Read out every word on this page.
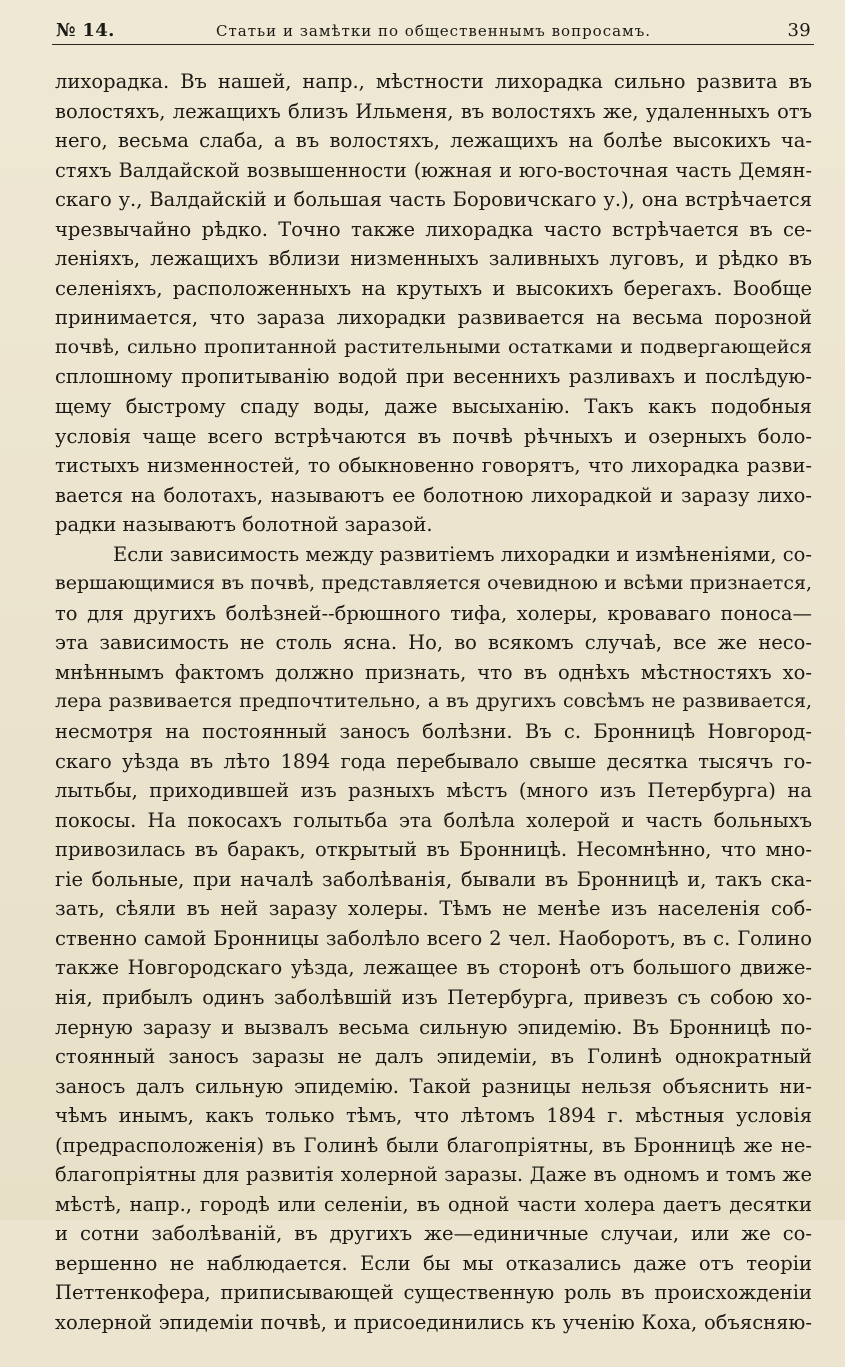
№ 14.	Статьи и замѣтки по общественнымъ вопросамъ.	39
лихорадка. Въ нашей, напр., мѣстности лихорадка сильно развита въ
волостяхъ, лежащихъ близъ Ильменя, въ волостяхъ же, удаленныхъ отъ
него, весьма слаба, а въ волостяхъ, лежащихъ на болѣе высокихъ ча-
стяхъ Валдайской возвышенности (южная и юго-восточная часть Демян-
скаго у., Валдайскій и большая часть Боровичскаго у.), она встрѣчается
чрезвычайно рѣдко. Точно также лихорадка часто встрѣчается въ се-
леніяхъ, лежащихъ вблизи низменныхъ заливныхъ луговъ, и рѣдко въ
селеніяхъ, расположенныхъ на крутыхъ и высокихъ берегахъ. Вообще
принимается, что зараза лихорадки развивается на весьма порозной
почвѣ, сильно пропитанной растительными остатками и подвергающейся
сплошному пропитыванію водой при весеннихъ разливахъ и послѣдую-
щему быстрому спаду воды, даже высыханію. Такъ какъ подобныя
условія чаще всего встрѣчаются въ почвѣ рѣчныхъ и озерныхъ боло-
тистыхъ низменностей, то обыкновенно говорятъ, что лихорадка разви-
вается на болотахъ, называютъ ее болотною лихорадкой и заразу лихо-
радки называютъ болотной заразой.
Если зависимость между развитіемъ лихорадки и измѣненіями, со-
вершающимися въ почвѣ, представляется очевидною и всѣми признается,
то для другихъ болѣзней--брюшного тифа, холеры, кроваваго поноса—
эта зависимость не столь ясна. Но, во всякомъ случаѣ, все же несо-
мнѣннымъ фактомъ должно признать, что въ однѣхъ мѣстностяхъ хо-
лера развивается предпочтительно, а въ другихъ совсѣмъ не развивается,
несмотря на постоянный заносъ болѣзни. Въ с. Бронницѣ Новгород-
скаго уѣзда въ лѣто 1894 года перебывало свыше десятка тысячъ го-
лытьбы, приходившей изъ разныхъ мѣстъ (много изъ Петербурга) на
покосы. На покосахъ голытьба эта болѣла холерой и часть больныхъ
привозилась въ баракъ, открытый въ Бронницѣ. Несомнѣнно, что мно-
гіе больные, при началѣ заболѣванія, бывали въ Бронницѣ и, такъ ска-
зать, сѣяли въ ней заразу холеры. Тѣмъ не менѣе изъ населенія соб-
ственно самой Бронницы заболѣло всего 2 чел. Наоборотъ, въ с. Голино
также Новгородскаго уѣзда, лежащее въ сторонѣ отъ большого движе-
нія, прибылъ одинъ заболѣвшій изъ Петербурга, привезъ съ собою хо-
лерную заразу и вызвалъ весьма сильную эпидемію. Въ Бронницѣ по-
стоянный заносъ заразы не далъ эпидеміи, въ Голинѣ однократный
заносъ далъ сильную эпидемію. Такой разницы нельзя объяснить ни-
чѣмъ инымъ, какъ только тѣмъ, что лѣтомъ 1894 г. мѣстныя условія
(предрасположенія) въ Голинѣ были благопріятны, въ Бронницѣ же не-
благопріятны для развитія холерной заразы. Даже въ одномъ и томъ же
мѣстѣ, напр., городѣ или селеніи, въ одной части холера даетъ десятки
и сотни заболѣваній, въ другихъ же—единичные случаи, или же со-
вершенно не наблюдается. Если бы мы отказались даже отъ теоріи
Петтенкофера, приписывающей существенную роль въ происхожденіи
холерной эпидеміи почвѣ, и присоединились къ ученію Коха, объясняю-
